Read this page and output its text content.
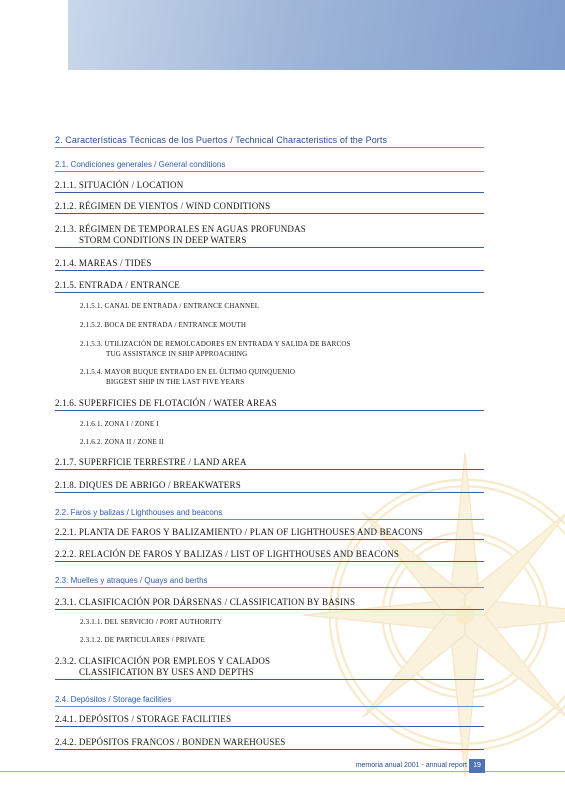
2. Características Técnicas de los Puertos / Technical Characteristics of the Ports
2.1. Condiciones generales / General conditions
2.1.1. SITUACIÓN / LOCATION
2.1.2. RÉGIMEN DE VIENTOS / WIND CONDITIONS
2.1.3. RÉGIMEN DE TEMPORALES EN AGUAS PROFUNDAS
STORM CONDITIONS IN DEEP WATERS
2.1.4. MAREAS / TIDES
2.1.5. ENTRADA / ENTRANCE
2.1.5.1. CANAL DE ENTRADA / ENTRANCE CHANNEL
2.1.5.2. BOCA DE ENTRADA / ENTRANCE MOUTH
2.1.5.3. UTILIZACIÓN DE REMOLCADORES EN ENTRADA Y SALIDA DE BARCOS
TUG ASSISTANCE IN SHIP APPROACHING
2.1.5.4. MAYOR BUQUE ENTRADO EN EL ÚLTIMO QUINQUENIO
BIGGEST SHIP IN THE LAST FIVE YEARS
2.1.6. SUPERFICIES DE FLOTACIÓN / WATER AREAS
2.1.6.1. ZONA I / ZONE I
2.1.6.2. ZONA II / ZONE II
2.1.7. SUPERFICIE TERRESTRE / LAND AREA
2.1.8. DIQUES DE ABRIGO / BREAKWATERS
2.2. Faros y balizas / Lighthouses and beacons
2.2.1. PLANTA DE FAROS Y BALIZAMIENTO / PLAN OF LIGHTHOUSES AND BEACONS
2.2.2. RELACIÓN DE FAROS Y BALIZAS / LIST OF LIGHTHOUSES AND BEACONS
2.3. Muelles y atraques / Quays and berths
2.3.1. CLASIFICACIÓN POR DÁRSENAS / CLASSIFICATION BY BASINS
2.3.1.1. DEL SERVICIO / PORT AUTHORITY
2.3.1.2. DE PARTICULARES / PRIVATE
2.3.2. CLASIFICACIÓN POR EMPLEOS Y CALADOS
CLASSIFICATION BY USES AND DEPTHS
2.4. Depósitos / Storage facilities
2.4.1. DEPÓSITOS / STORAGE FACILITIES
2.4.2. DEPÓSITOS FRANCOS / BONDEN WAREHOUSES
memoria anual 2001 - annual report 19
